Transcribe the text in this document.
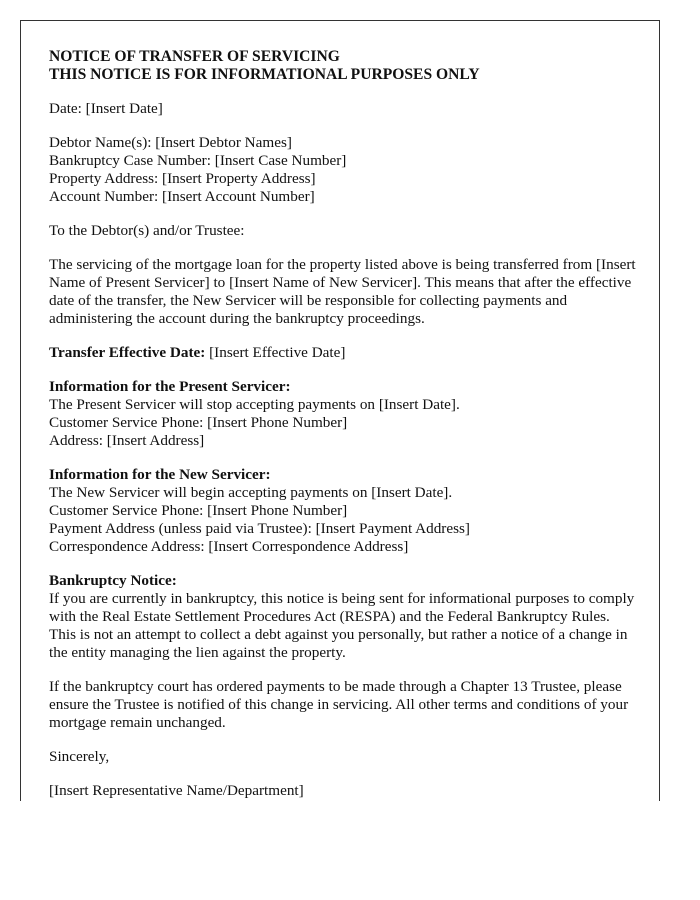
NOTICE OF TRANSFER OF SERVICING
THIS NOTICE IS FOR INFORMATIONAL PURPOSES ONLY

Date: [Insert Date]

Debtor Name(s): [Insert Debtor Names]
Bankruptcy Case Number: [Insert Case Number]
Property Address: [Insert Property Address]
Account Number: [Insert Account Number]

To the Debtor(s) and/or Trustee:

The servicing of the mortgage loan for the property listed above is being transferred from [Insert Name of Present Servicer] to [Insert Name of New Servicer]. This means that after the effective date of the transfer, the New Servicer will be responsible for collecting payments and administering the account during the bankruptcy proceedings.

Transfer Effective Date: [Insert Effective Date]

Information for the Present Servicer:
The Present Servicer will stop accepting payments on [Insert Date].
Customer Service Phone: [Insert Phone Number]
Address: [Insert Address]

Information for the New Servicer:
The New Servicer will begin accepting payments on [Insert Date].
Customer Service Phone: [Insert Phone Number]
Payment Address (unless paid via Trustee): [Insert Payment Address]
Correspondence Address: [Insert Correspondence Address]

Bankruptcy Notice:
If you are currently in bankruptcy, this notice is being sent for informational purposes to comply with the Real Estate Settlement Procedures Act (RESPA) and the Federal Bankruptcy Rules. This is not an attempt to collect a debt against you personally, but rather a notice of a change in the entity managing the lien against the property.

If the bankruptcy court has ordered payments to be made through a Chapter 13 Trustee, please ensure the Trustee is notified of this change in servicing. All other terms and conditions of your mortgage remain unchanged.

Sincerely,

[Insert Representative Name/Department]
